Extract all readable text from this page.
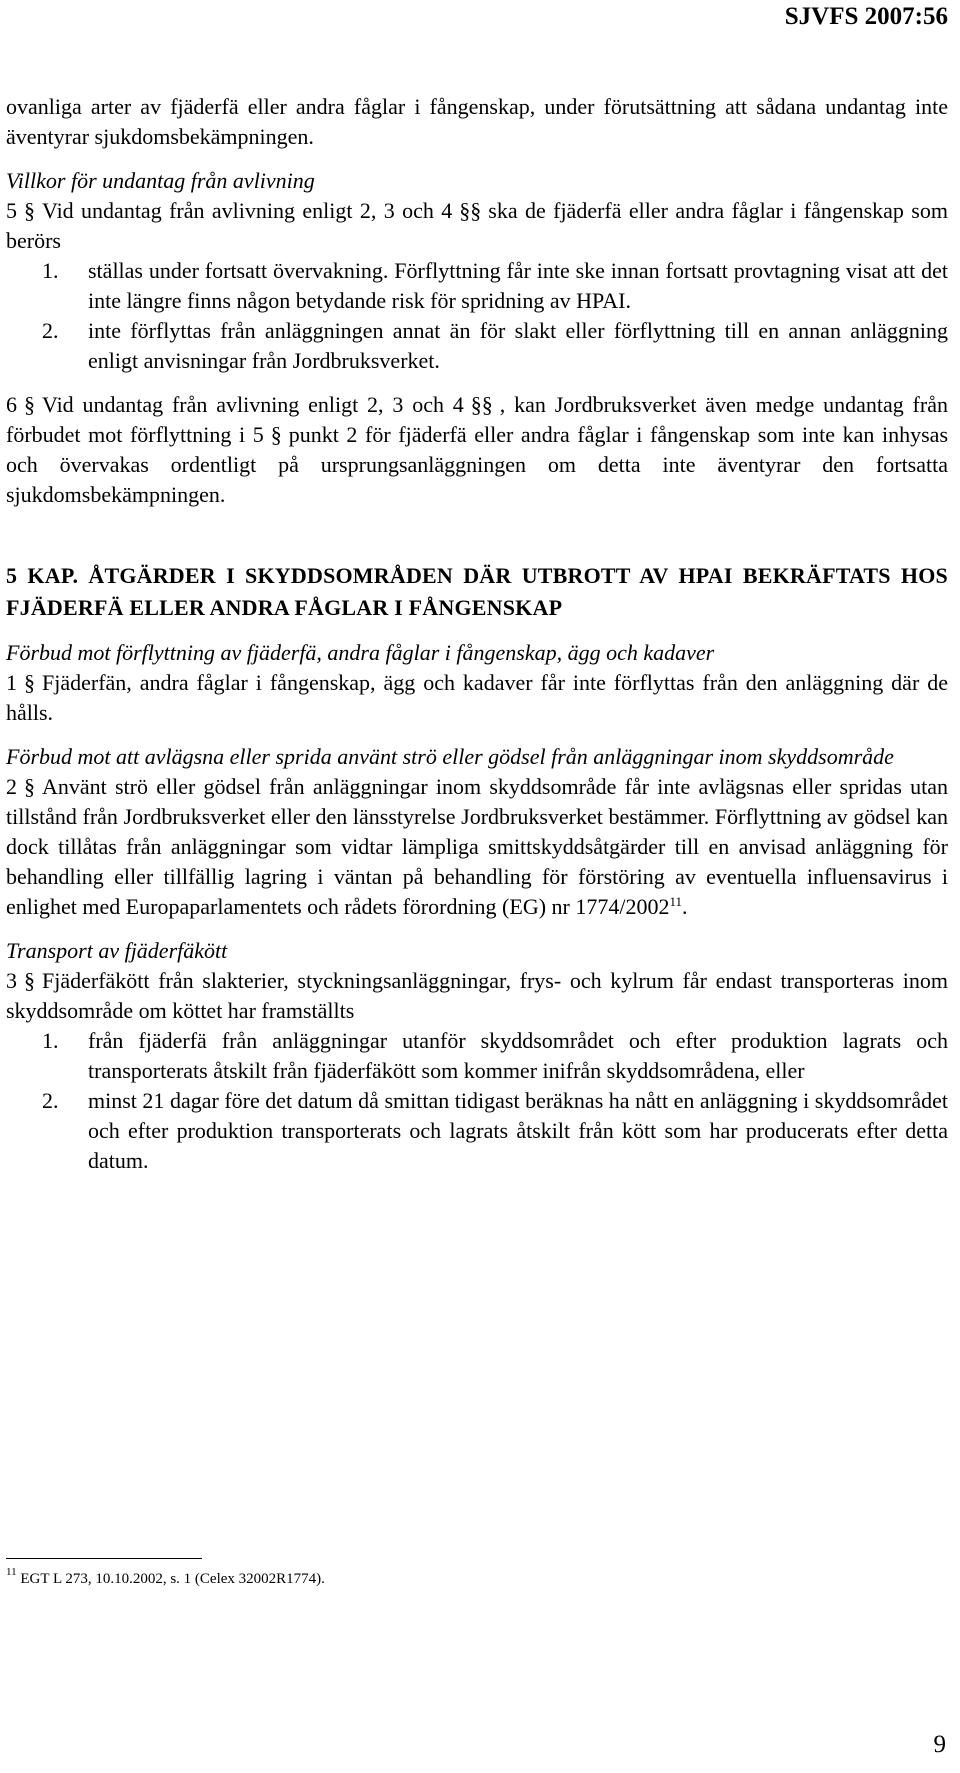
SJVFS 2007:56

ovanliga arter av fjäderfä eller andra fåglar i fångenskap, under förutsättning att sådana undantag inte äventyrar sjukdomsbekämpningen.

Villkor för undantag från avlivning

5 § Vid undantag från avlivning enligt 2, 3 och 4 §§ ska de fjäderfä eller andra fåglar i fångenskap som berörs

1. ställas under fortsatt övervakning. Förflyttning får inte ske innan fortsatt provtagning visat att det inte längre finns någon betydande risk för spridning av HPAI.
2. inte förflyttas från anläggningen annat än för slakt eller förflyttning till en annan anläggning enligt anvisningar från Jordbruksverket.

6 § Vid undantag från avlivning enligt 2, 3 och 4 §§ , kan Jordbruksverket även medge undantag från förbudet mot förflyttning i 5 § punkt 2 för fjäderfä eller andra fåglar i fångenskap som inte kan inhysas och övervakas ordentligt på ursprungsanläggningen om detta inte äventyrar den fortsatta sjukdomsbekämpningen.

5 KAP. ÅTGÄRDER I SKYDDSOMRÅDEN DÄR UTBROTT AV HPAI BEKRÄFTATS HOS FJÄDERFÄ ELLER ANDRA FÅGLAR I FÅNGENSKAP

Förbud mot förflyttning av fjäderfä, andra fåglar i fångenskap, ägg och kadaver

1 § Fjäderfän, andra fåglar i fångenskap, ägg och kadaver får inte förflyttas från den anläggning där de hålls.

Förbud mot att avlägsna eller sprida använt strö eller gödsel från anläggningar inom skyddsområde

2 § Använt strö eller gödsel från anläggningar inom skyddsområde får inte avlägsnas eller spridas utan tillstånd från Jordbruksverket eller den länsstyrelse Jordbruksverket bestämmer. Förflyttning av gödsel kan dock tillåtas från anläggningar som vidtar lämpliga smittskyddsåtgärder till en anvisad anläggning för behandling eller tillfällig lagring i väntan på behandling för förstöring av eventuella influensavirus i enlighet med Europaparlamentets och rådets förordning (EG) nr 1774/2002$^{11}$.

Transport av fjäderfäkött

3 § Fjäderfäkött från slakterier, styckningsanläggningar, frys- och kylrum får endast transporteras inom skyddsområde om köttet har framställts

1. från fjäderfä från anläggningar utanför skyddsområdet och efter produktion lagrats och transporterats åtskilt från fjäderfäkött som kommer inifrån skyddsområdena, eller
2. minst 21 dagar före det datum då smittan tidigast beräknas ha nått en anläggning i skyddsområdet och efter produktion transporterats och lagrats åtskilt från kött som har producerats efter detta datum.
$^{11}$ EGT L 273, 10.10.2002, s. 1 (Celex 32002R1774).
9
